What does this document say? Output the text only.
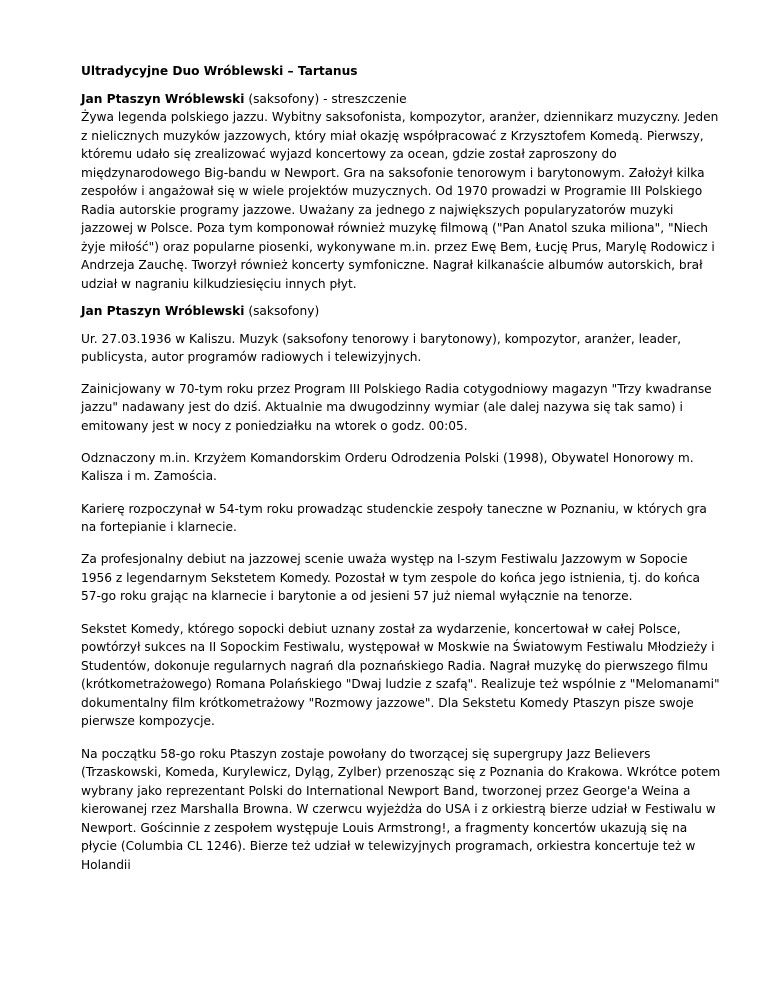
Ultradycyjne Duo Wróblewski – Tartanus

Jan Ptaszyn Wróblewski (saksofony) - streszczenie

Żywa legenda polskiego jazzu. Wybitny saksofonista, kompozytor, aranżer, dziennikarz muzyczny. Jeden z nielicznych muzyków jazzowych, który miał okazję współpracować z Krzysztofem Komedą. Pierwszy, któremu udało się zrealizować wyjazd koncertowy za ocean, gdzie został zaproszony do międzynarodowego Big-bandu w Newport. Gra na saksofonie tenorowym i barytonowym. Założył kilka zespołów i angażował się w wiele projektów muzycznych. Od 1970 prowadzi w Programie III Polskiego Radia autorskie programy jazzowe. Uważany za jednego z największych popularyzatorów muzyki jazzowej w Polsce. Poza tym komponował również muzykę filmową ("Pan Anatol szuka miliona", "Niech żyje miłość") oraz popularne piosenki, wykonywane m.in. przez Ewę Bem, Łucję Prus, Marylę Rodowicz i Andrzeja Zauchę. Tworzył również koncerty symfoniczne. Nagrał kilkanaście albumów autorskich, brał udział w nagraniu kilkudziesięciu innych płyt.

Jan Ptaszyn Wróblewski (saksofony)

Ur. 27.03.1936 w Kaliszu. Muzyk (saksofony tenorowy i barytonowy), kompozytor, aranżer, leader, publicysta, autor programów radiowych i telewizyjnych.

Zainicjowany w 70-tym roku przez Program III Polskiego Radia cotygodniowy magazyn "Trzy kwadranse jazzu" nadawany jest do dziś. Aktualnie ma dwugodzinny wymiar (ale dalej nazywa się tak samo) i emitowany jest w nocy z poniedziałku na wtorek o godz. 00:05.

Odznaczony m.in. Krzyżem Komandorskim Orderu Odrodzenia Polski (1998), Obywatel Honorowy m. Kalisza i m. Zamościa.

Karierę rozpoczynał w 54-tym roku prowadząc studenckie zespoły taneczne w Poznaniu, w których gra na fortepianie i klarnecie.

Za profesjonalny debiut na jazzowej scenie uważa występ na I-szym Festiwalu Jazzowym w Sopocie 1956 z legendarnym Sekstetem Komedy. Pozostał w tym zespole do końca jego istnienia, tj. do końca 57-go roku grając na klarnecie i barytonie a od jesieni 57 już niemal wyłącznie na tenorze.

Sekstet Komedy, którego sopocki debiut uznany został za wydarzenie, koncertował w całej Polsce, powtórzył sukces na II Sopockim Festiwalu, występował w Moskwie na Światowym Festiwalu Młodzieży i Studentów, dokonuje regularnych nagrań dla poznańskiego Radia. Nagrał muzykę do pierwszego filmu (krótkometrażowego) Romana Polańskiego "Dwaj ludzie z szafą". Realizuje też wspólnie z "Melomanami" dokumentalny film krótkometrażowy "Rozmowy jazzowe". Dla Sekstetu Komedy Ptaszyn pisze swoje pierwsze kompozycje.

Na początku 58-go roku Ptaszyn zostaje powołany do tworzącej się supergrupy Jazz Believers (Trzaskowski, Komeda, Kurylewicz, Dyląg, Zylber) przenosząc się z Poznania do Krakowa. Wkrótce potem wybrany jako reprezentant Polski do International Newport Band, tworzonej przez George'a Weina a kierowanej rzez Marshalla Browna. W czerwcu wyjeżdża do USA i z orkiestrą bierze udział w Festiwalu w Newport. Gościnnie z zespołem występuje Louis Armstrong!, a fragmenty koncertów ukazują się na płycie (Columbia CL 1246). Bierze też udział w telewizyjnych programach, orkiestra koncertuje też w Holandii
